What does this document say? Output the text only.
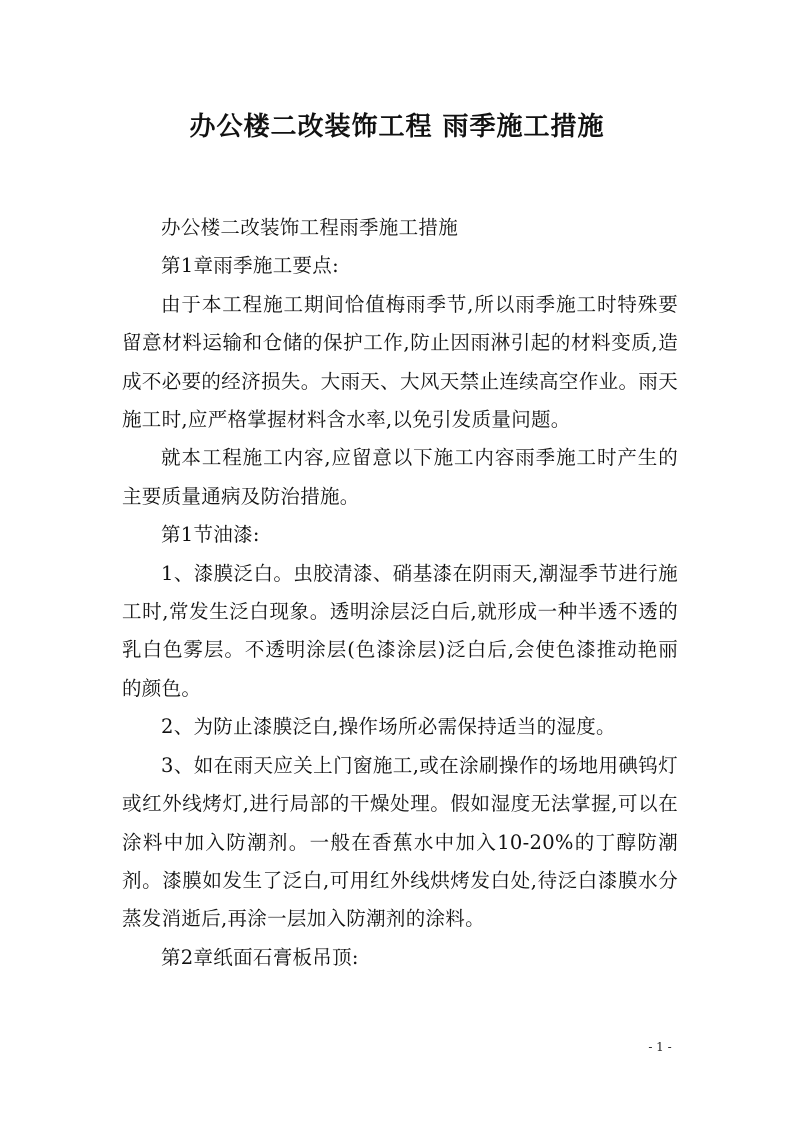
办公楼二改装饰工程 雨季施工措施

办公楼二改装饰工程雨季施工措施

第1章雨季施工要点:

由于本工程施工期间恰值梅雨季节,所以雨季施工时特殊要留意材料运输和仓储的保护工作,防止因雨淋引起的材料变质,造成不必要的经济损失。大雨天、大风天禁止连续高空作业。雨天施工时,应严格掌握材料含水率,以免引发质量问题。

就本工程施工内容,应留意以下施工内容雨季施工时产生的主要质量通病及防治措施。

第1节油漆:

1、漆膜泛白。虫胶清漆、硝基漆在阴雨天,潮湿季节进行施工时,常发生泛白现象。透明涂层泛白后,就形成一种半透不透的乳白色雾层。不透明涂层(色漆涂层)泛白后,会使色漆推动艳丽的颜色。

2、为防止漆膜泛白,操作场所必需保持适当的湿度。

3、如在雨天应关上门窗施工,或在涂刷操作的场地用碘钨灯或红外线烤灯,进行局部的干燥处理。假如湿度无法掌握,可以在涂料中加入防潮剂。一般在香蕉水中加入10-20%的丁醇防潮剂。漆膜如发生了泛白,可用红外线烘烤发白处,待泛白漆膜水分蒸发消逝后,再涂一层加入防潮剂的涂料。

第2章纸面石膏板吊顶:

- 1 -
